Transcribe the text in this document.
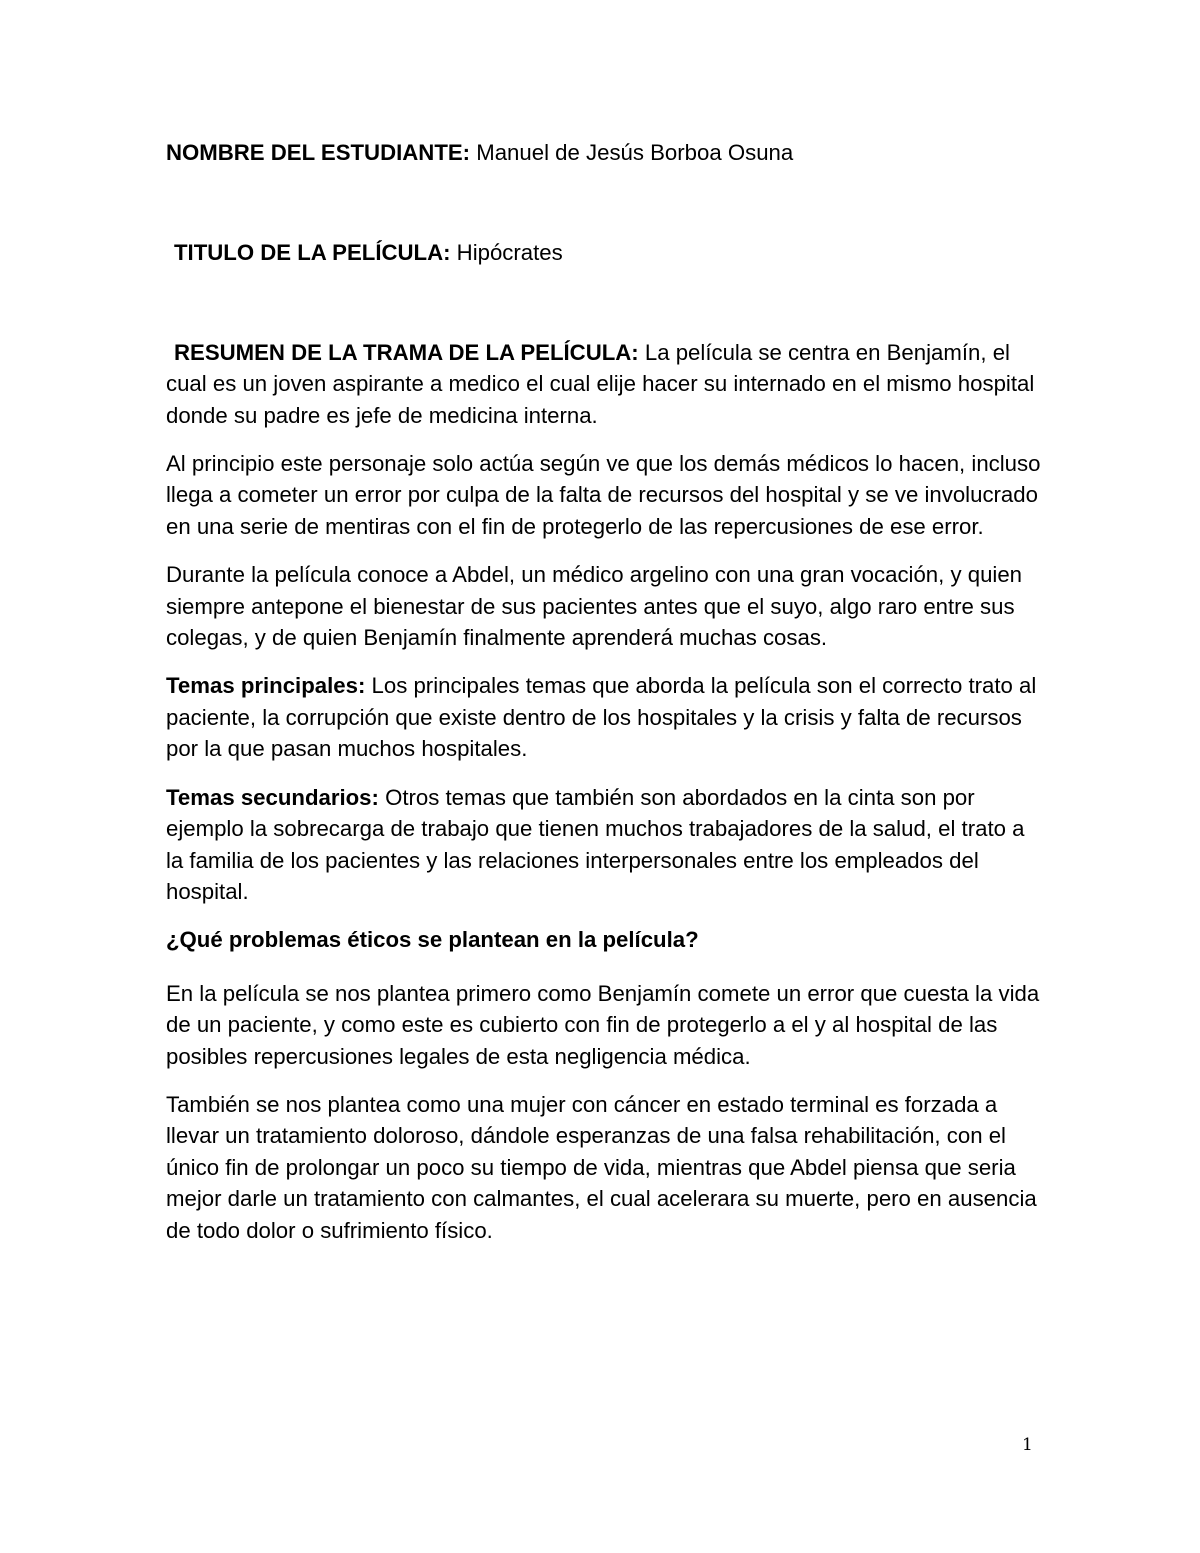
NOMBRE DEL ESTUDIANTE: Manuel de Jesús Borboa Osuna

TITULO DE LA PELÍCULA: Hipócrates

RESUMEN DE LA TRAMA DE LA PELÍCULA: La película se centra en Benjamín, el cual es un joven aspirante a medico el cual elije hacer su internado en el mismo hospital donde su padre es jefe de medicina interna.

Al principio este personaje solo actúa según ve que los demás médicos lo hacen, incluso llega a cometer un error por culpa de la falta de recursos del hospital y se ve involucrado en una serie de mentiras con el fin de protegerlo de las repercusiones de ese error.

Durante la película conoce a Abdel, un médico argelino con una gran vocación, y quien siempre antepone el bienestar de sus pacientes antes que el suyo, algo raro entre sus colegas, y de quien Benjamín finalmente aprenderá muchas cosas.

Temas principales: Los principales temas que aborda la película son el correcto trato al paciente, la corrupción que existe dentro de los hospitales y la crisis y falta de recursos por la que pasan muchos hospitales.

Temas secundarios: Otros temas que también son abordados en la cinta son por ejemplo la sobrecarga de trabajo que tienen muchos trabajadores de la salud, el trato a la familia de los pacientes y las relaciones interpersonales entre los empleados del hospital.

¿Qué problemas éticos se plantean en la película?

En la película se nos plantea primero como Benjamín comete un error que cuesta la vida de un paciente, y como este es cubierto con fin de protegerlo a el y al hospital de las posibles repercusiones legales de esta negligencia médica.

También se nos plantea como una mujer con cáncer en estado terminal es forzada a llevar un tratamiento doloroso, dándole esperanzas de una falsa rehabilitación, con el único fin de prolongar un poco su tiempo de vida, mientras que Abdel piensa que seria mejor darle un tratamiento con calmantes, el cual acelerara su muerte, pero en ausencia de todo dolor o sufrimiento físico.

1
